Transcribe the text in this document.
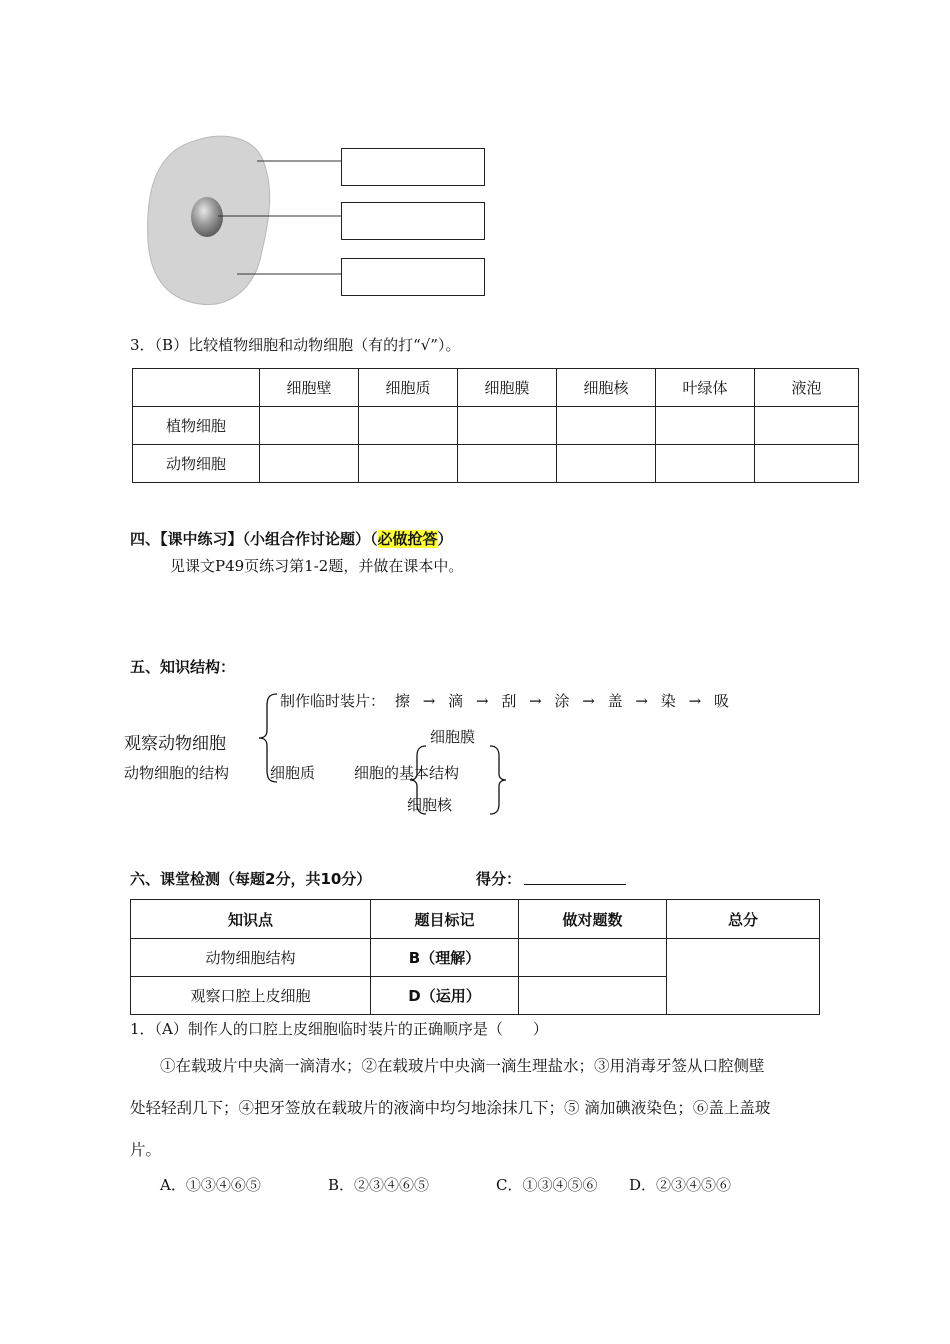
3．（B）比较植物细胞和动物细胞（有的打“√”）。
	细胞壁	细胞质	细胞膜	细胞核	叶绿体	液泡
植物细胞						
动物细胞						
四、【课中练习】（小组合作讨论题）（必做抢答）
见课文P49页练习第1-2题，并做在课本中。
五、知识结构：
制作临时装片： 擦 → 滴 → 刮 → 涂 → 盖 → 染 → 吸
观察动物细胞
动物细胞的结构	细胞质	细胞的基本结构
细胞膜
细胞核
六、课堂检测（每题2分，共10分）	得分：
知识点	题目标记	做对题数	总分
动物细胞结构	B（理解）		
观察口腔上皮细胞	D（运用）		
1．（A）制作人的口腔上皮细胞临时装片的正确顺序是（　　）
①在载玻片中央滴一滴清水；②在载玻片中央滴一滴生理盐水；③用消毒牙签从口腔侧壁
处轻轻刮几下；④把牙签放在载玻片的液滴中均匀地涂抹几下；⑤ 滴加碘液染色；⑥盖上盖玻
片。
A．①③④⑥⑤	B．②③④⑥⑤	C．①③④⑤⑥ D．②③④⑤⑥
